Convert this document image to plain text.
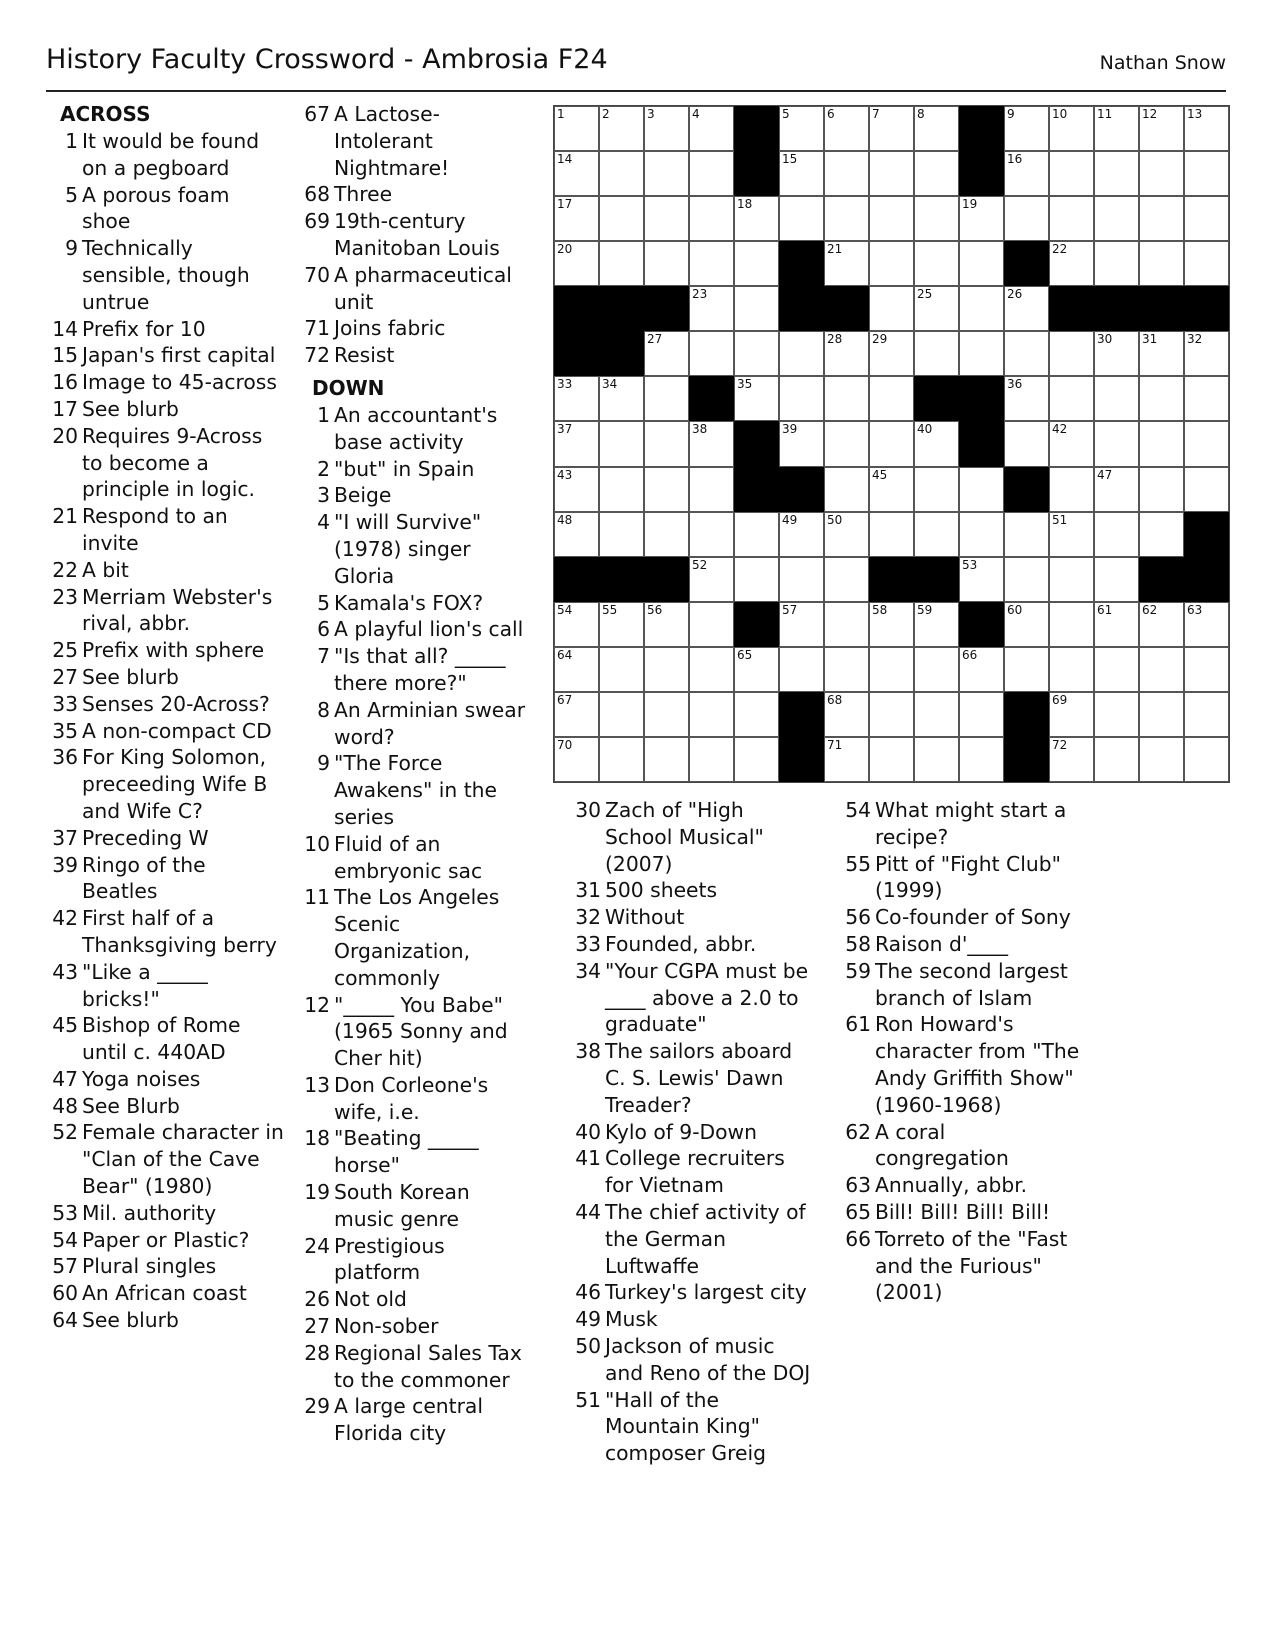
History Faculty Crossword - Ambrosia F24	Nathan Snow
ACROSS
1 It would be found on a pegboard
5 A porous foam shoe
9 Technically sensible, though untrue
14 Prefix for 10
15 Japan's first capital
16 Image to 45-across
17 See blurb
20 Requires 9-Across to become a principle in logic.
21 Respond to an invite
22 A bit
23 Merriam Webster's rival, abbr.
25 Prefix with sphere
27 See blurb
33 Senses 20-Across?
35 A non-compact CD
36 For King Solomon, preceeding Wife B and Wife C?
37 Preceding W
39 Ringo of the Beatles
42 First half of a Thanksgiving berry
43 "Like a _____ bricks!"
45 Bishop of Rome until c. 440AD
47 Yoga noises
48 See Blurb
52 Female character in "Clan of the Cave Bear" (1980)
53 Mil. authority
54 Paper or Plastic?
57 Plural singles
60 An African coast
64 See blurb
67 A Lactose-Intolerant Nightmare!
68 Three
69 19th-century Manitoban Louis
70 A pharmaceutical unit
71 Joins fabric
72 Resist
DOWN
1 An accountant's base activity
2 "but" in Spain
3 Beige
4 "I will Survive" (1978) singer Gloria
5 Kamala's FOX?
6 A playful lion's call
7 "Is that all? _____ there more?"
8 An Arminian swear word?
9 "The Force Awakens" in the series
10 Fluid of an embryonic sac
11 The Los Angeles Scenic Organization, commonly
12 "_____ You Babe" (1965 Sonny and Cher hit)
13 Don Corleone's wife, i.e.
18 "Beating _____ horse"
19 South Korean music genre
24 Prestigious platform
26 Not old
27 Non-sober
28 Regional Sales Tax to the commoner
29 A large central Florida city
30 Zach of "High School Musical" (2007)
31 500 sheets
32 Without
33 Founded, abbr.
34 "Your CGPA must be ____ above a 2.0 to graduate"
38 The sailors aboard C. S. Lewis' Dawn Treader?
40 Kylo of 9-Down
41 College recruiters for Vietnam
44 The chief activity of the German Luftwaffe
46 Turkey's largest city
49 Musk
50 Jackson of music and Reno of the DOJ
51 "Hall of the Mountain King" composer Greig
54 What might start a recipe?
55 Pitt of "Fight Club" (1999)
56 Co-founder of Sony
58 Raison d'____
59 The second largest branch of Islam
61 Ron Howard's character from "The Andy Griffith Show" (1960-1968)
62 A coral congregation
63 Annually, abbr.
65 Bill! Bill! Bill! Bill!
66 Torreto of the "Fast and the Furious" (2001)
1	2	3	4	5	6	7	8	9	10 11 12 13
14	15	16
17	18	19
20	21	22
23	25	26
27	28 29	30 31 32
33 34	35	36
37	38	39	40	42
43	45	47
48	49 50	51
52	53
54 55 56	57	58 59	60	61 62 63
64	65	66
67	68	69
70	71	72
